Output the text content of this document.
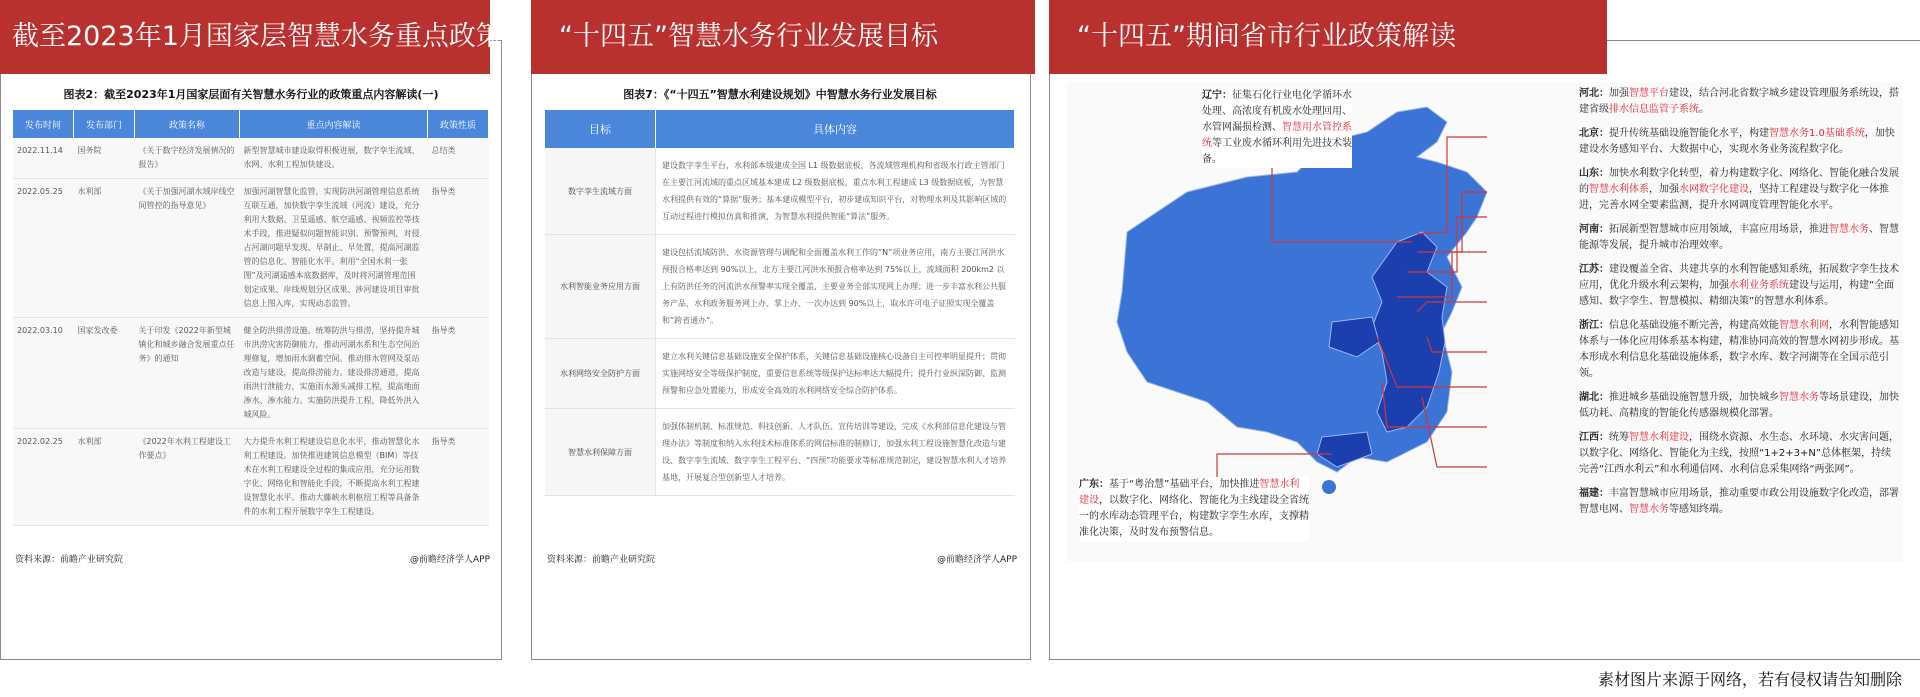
截至2023年1月国家层智慧水务重点政策	“十四五”智慧水务行业发展目标	“十四五”期间省市行业政策解读
图表2：截至2023年1月国家层面有关智慧水务行业的政策重点内容解读(一)
发布时间	发布部门	政策名称	重点内容解读	政策性质
2022.11.14	国务院	《关于数字经济发展情况的报告》	新型智慧城市建设取得积极进展，数字孪生流域、水网、水利工程加快建设。	总结类
2022.05.25	水利部	《关于加强河湖水域岸线空间管控的指导意见》	加强河湖智慧化监管，实现防洪河湖管理信息系统互联互通，加快数字孪生流域（河流）建设，充分利用大数据、卫星遥感、航空遥感、视频监控等技术手段，推进疑似问题智能识别、预警预判，对侵占河湖问题早发现、早制止、早处置，提高河湖监管的信息化、智能化水平。利用“全国水利一张图”及河湖遥感本底数据库，及时将河湖管理范围划定成果、岸线规划分区成果、涉河建设项目审批信息上图入库，实现动态监管。	指导类
2022.03.10	国家发改委	关于印发《2022年新型城镇化和城乡融合发展重点任务》的通知	健全防洪排涝设施。统筹防洪与排涝，坚持提升城市洪涝灾害防御能力，推动河湖水系和生态空间治理修复，增加雨水调蓄空间。推动排水管网及泵站改造与建设，提高排涝能力。建设排涝通道，提高雨洪行泄能力，实施雨水源头减排工程，提高地面渗水、渗水能力。实施防洪提升工程，降低外洪入城风险。	指导类
2022.02.25	水利部	《2022年水利工程建设工作要点》	大力提升水利工程建设信息化水平，推动智慧化水利工程建设。加快推进建筑信息模型（BIM）等技术在水利工程建设全过程的集成应用，充分运用数字化、网络化和智能化手段，不断提高水利工程建设智慧化水平。推动大藤峡水利枢纽工程等具备条件的水利工程开展数字孪生工程建设。	指导类
资料来源：前瞻产业研究院	@前瞻经济学人APP
图表7：《“十四五”智慧水利建设规划》中智慧水务行业发展目标
目标	具体内容
数字孪生流域方面	建设数字孪生平台，水利部本级建成全国 L1 级数据底板，各流域管理机构和省级水行政主管部门在主要江河流域的重点区域基本建成 L2 级数据底板，重点水利工程建成 L3 级数据底板，为智慧水利提供有效的“算据”服务；基本建成模型平台，初步建成知识平台，对物理水利及其影响区域的互动过程进行模拟仿真和推演，为智慧水利提供智能“算法”服务。
水利智能业务应用方面	建设包括流域防洪、水资源管理与调配和全面覆盖水利工作的“N”项业务应用，南方主要江河洪水预报合格率达到 90%以上，北方主要江河洪水预报合格率达到 75%以上，流域面积 200km2 以上有防洪任务的河流洪水预警率实现全覆盖，主要业务全部实现网上办理；进一步丰富水利公共服务产品，水利政务服务网上办、掌上办、一次办达到 90%以上，取水许可电子证照实现全覆盖和“跨省通办”。
水利网络安全防护方面	建立水利关键信息基础设施安全保护体系，关键信息基础设施核心设备自主可控率明显提升；贯彻实施网络安全等级保护制度，重要信息系统等级保护达标率达大幅提升；提升行业纵深防御、监测预警和应急处置能力，形成安全高效的水利网络安全综合防护体系。
智慧水利保障方面	加强体制机制、标准规范、科技创新、人才队伍、宣传培训等建设，完成《水利部信息化建设与管理办法》等制度和纳入水利技术标准体系的网信标准的制修订，加强水利工程设施智慧化改造与建设、数字孪生流域、数字孪生工程平台、“四预”功能要求等标准规范制定，建设智慧水利人才培养基地，开展复合型创新型人才培养。
资料来源：前瞻产业研究院	@前瞻经济学人APP
辽宁：征集石化行业电化学循环水处理、高浓度有机废水处理回用、水管网漏损检测、智慧用水管控系统等工业废水循环利用先进技术装备。
广东：基于“粤治慧”基础平台，加快推进智慧水利建设，以数字化、网络化、智能化为主线建设全省统一的水库动态管理平台，构建数字孪生水库，支撑精准化决策，及时发布预警信息。
河北：加强智慧平台建设，结合河北省数字城乡建设管理服务系统设，搭建省级排水信息监管子系统。
北京：提升传统基础设施智能化水平，构建智慧水务1.0基础系统，加快建设水务感知平台、大数据中心，实现水务业务流程数字化。
山东：加快水利数字化转型，着力构建数字化、网络化、智能化融合发展的智慧水利体系，加强水网数字化建设，坚持工程建设与数字化一体推进，完善水网全要素监测，提升水网调度管理智能化水平。
河南：拓展新型智慧城市应用领域，丰富应用场景，推进智慧水务、智慧能源等发展，提升城市治理效率。
江苏：建设覆盖全省、共建共享的水利智能感知系统，拓展数字孪生技术应用，优化升级水利云架构，加强水利业务系统建设与运用，构建“全面感知、数字孪生、智慧模拟、精细决策”的智慧水利体系。
浙江：信息化基础设施不断完善，构建高效能智慧水利网，水利智能感知体系与一体化应用体系基本构建，精准协同高效的智慧水网初步形成。基本形成水利信息化基础设施体系，数字水库、数字河湖等在全国示范引领。
湖北：推进城乡基础设施智慧升级，加快城乡智慧水务等场景建设，加快低功耗、高精度的智能化传感器规模化部署。
江西：统筹智慧水利建设，围绕水资源、水生态、水环境、水灾害问题，以数字化、网络化、智能化为主线，按照“1+2+3+N”总体框架，持续完善“江西水利云”和水利通信网、水利信息采集网络“两张网”。
福建：丰富智慧城市应用场景，推动重要市政公用设施数字化改造，部署智慧电网、智慧水务等感知终端。
素材图片来源于网络，若有侵权请告知删除
